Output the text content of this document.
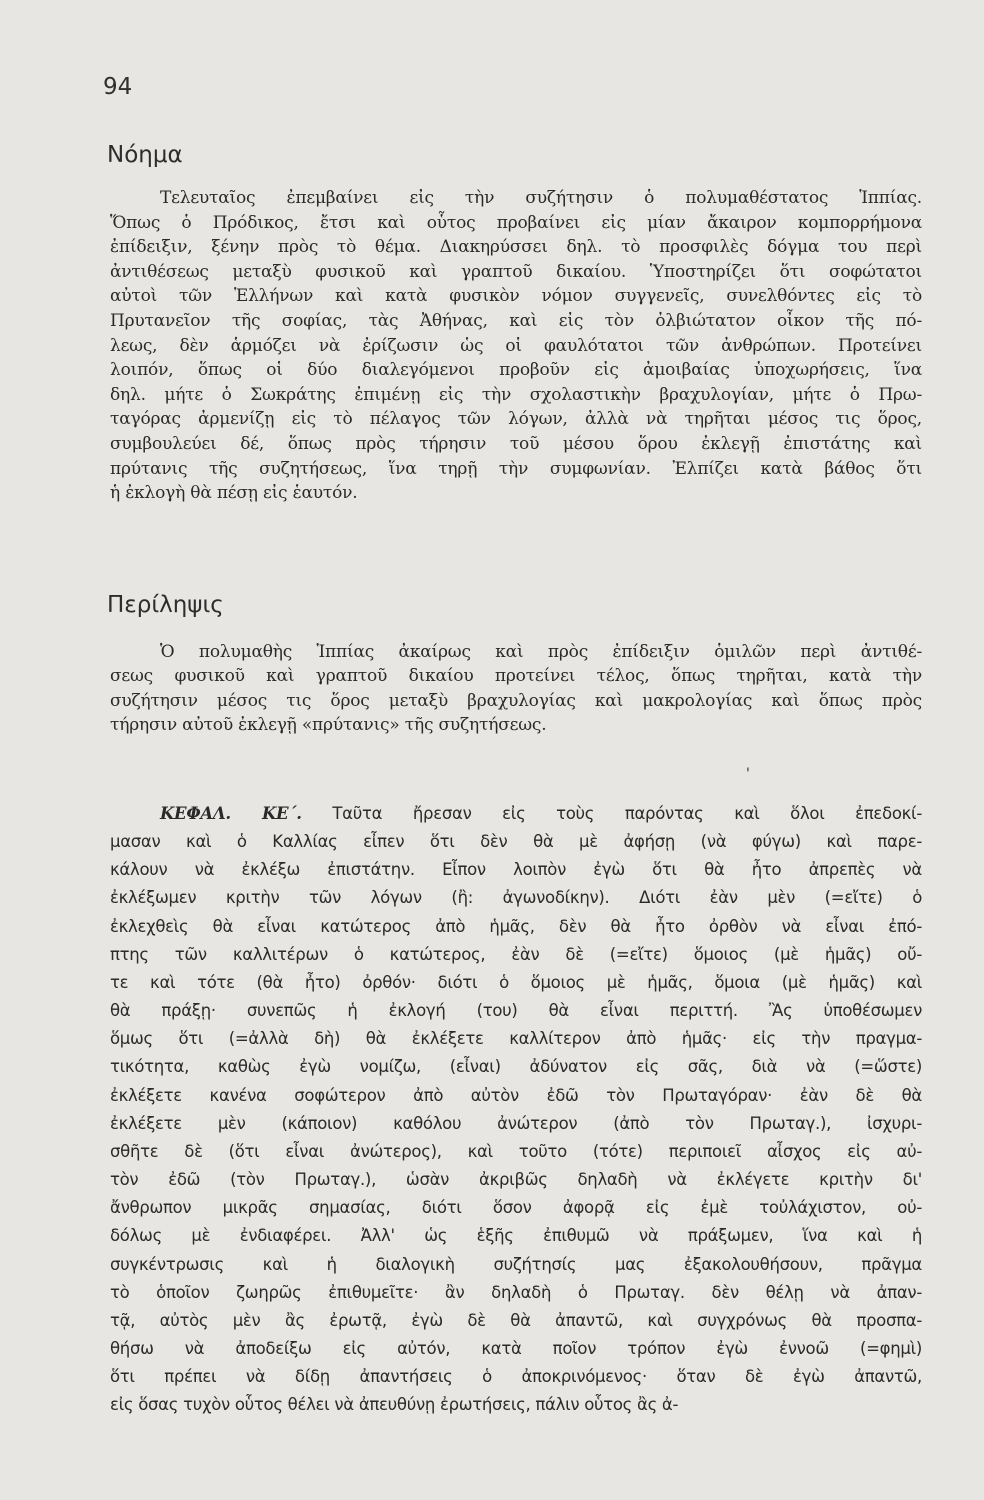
94
Νόημα
Τελευταῖος ἐπεμβαίνει εἰς τὴν συζήτησιν ὁ πολυμαθέστατος Ἱππίας.
Ὅπως ὁ Πρόδικος, ἔτσι καὶ οὗτος προβαίνει εἰς μίαν ἄκαιρον κομπορρήμονα
ἐπίδειξιν, ξένην πρὸς τὸ θέμα. Διακηρύσσει δηλ. τὸ προσφιλὲς δόγμα του περὶ
ἀντιθέσεως μεταξὺ φυσικοῦ καὶ γραπτοῦ δικαίου. Ὑποστηρίζει ὅτι σοφώτατοι
αὐτοὶ τῶν Ἑλλήνων καὶ κατὰ φυσικὸν νόμον συγγενεῖς, συνελθόντες εἰς τὸ
Πρυτανεῖον τῆς σοφίας, τὰς Ἀθήνας, καὶ εἰς τὸν ὀλβιώτατον οἶκον τῆς πό-
λεως, δὲν ἁρμόζει νὰ ἐρίζωσιν ὡς οἱ φαυλότατοι τῶν ἀνθρώπων. Προτείνει
λοιπόν, ὅπως οἱ δύο διαλεγόμενοι προβοῦν εἰς ἀμοιβαίας ὑποχωρήσεις, ἵνα
δηλ. μήτε ὁ Σωκράτης ἐπιμένῃ εἰς τὴν σχολαστικὴν βραχυλογίαν, μήτε ὁ Πρω-
ταγόρας ἀρμενίζῃ εἰς τὸ πέλαγος τῶν λόγων, ἀλλὰ νὰ τηρῆται μέσος τις ὅρος,
συμβουλεύει δέ, ὅπως πρὸς τήρησιν τοῦ μέσου ὅρου ἐκλεγῇ ἐπιστάτης καὶ
πρύτανις τῆς συζητήσεως, ἵνα τηρῇ τὴν συμφωνίαν. Ἐλπίζει κατὰ βάθος ὅτι
ἡ ἐκλογὴ θὰ πέσῃ εἰς ἑαυτόν.
Περίληψις
Ὁ πολυμαθὴς Ἱππίας ἀκαίρως καὶ πρὸς ἐπίδειξιν ὁμιλῶν περὶ ἀντιθέ-
σεως φυσικοῦ καὶ γραπτοῦ δικαίου προτείνει τέλος, ὅπως τηρῆται, κατὰ τὴν
συζήτησιν μέσος τις ὅρος μεταξὺ βραχυλογίας καὶ μακρολογίας καὶ ὅπως πρὸς
τήρησιν αὐτοῦ ἐκλεγῇ «πρύτανις» τῆς συζητήσεως.
'
ΚΕΦΑΛ. ΚΕ΄. Ταῦτα ἤρεσαν εἰς τοὺς παρόντας καὶ ὅλοι ἐπεδοκί-
μασαν καὶ ὁ Καλλίας εἶπεν ὅτι δὲν θὰ μὲ ἀφήσῃ (νὰ φύγω) καὶ παρε-
κάλουν νὰ ἐκλέξω ἐπιστάτην. Εἶπον λοιπὸν ἐγὼ ὅτι θὰ ἦτο ἀπρεπὲς νὰ
ἐκλέξωμεν κριτὴν τῶν λόγων (ἢ: ἀγωνοδίκην). Διότι ἐὰν μὲν (=εἴτε) ὁ
ἐκλεχθεὶς θὰ εἶναι κατώτερος ἀπὸ ἡμᾶς, δὲν θὰ ἦτο ὀρθὸν νὰ εἶναι ἐπό-
πτης τῶν καλλιτέρων ὁ κατώτερος, ἐὰν δὲ (=εἴτε) ὅμοιος (μὲ ἡμᾶς) οὔ-
τε καὶ τότε (θὰ ἦτο) ὀρθόν· διότι ὁ ὅμοιος μὲ ἡμᾶς, ὅμοια (μὲ ἡμᾶς) καὶ
θὰ πράξῃ· συνεπῶς ἡ ἐκλογή (του) θὰ εἶναι περιττή. Ἂς ὑποθέσωμεν
ὅμως ὅτι (=ἀλλὰ δὴ) θὰ ἐκλέξετε καλλίτερον ἀπὸ ἡμᾶς· εἰς τὴν πραγμα-
τικότητα, καθὼς ἐγὼ νομίζω, (εἶναι) ἀδύνατον εἰς σᾶς, διὰ νὰ (=ὥστε)
ἐκλέξετε κανένα σοφώτερον ἀπὸ αὐτὸν ἐδῶ τὸν Πρωταγόραν· ἐὰν δὲ θὰ
ἐκλέξετε μὲν (κάποιον) καθόλου ἀνώτερον (ἀπὸ τὸν Πρωταγ.), ἰσχυρι-
σθῆτε δὲ (ὅτι εἶναι ἀνώτερος), καὶ τοῦτο (τότε) περιποιεῖ αἶσχος εἰς αὐ-
τὸν ἐδῶ (τὸν Πρωταγ.), ὡσὰν ἀκριβῶς δηλαδὴ νὰ ἐκλέγετε κριτὴν δι'
ἄνθρωπον μικρᾶς σημασίας, διότι ὅσον ἀφορᾷ εἰς ἐμὲ τοὐλάχιστον, οὐ-
δόλως μὲ ἐνδιαφέρει. Ἀλλ' ὡς ἑξῆς ἐπιθυμῶ νὰ πράξωμεν, ἵνα καὶ ἡ
συγκέντρωσις καὶ ἡ διαλογικὴ συζήτησίς μας ἐξακολουθήσουν, πρᾶγμα
τὸ ὁποῖον ζωηρῶς ἐπιθυμεῖτε· ἂν δηλαδὴ ὁ Πρωταγ. δὲν θέλῃ νὰ ἀπαν-
τᾷ, αὐτὸς μὲν ἂς ἐρωτᾷ, ἐγὼ δὲ θὰ ἀπαντῶ, καὶ συγχρόνως θὰ προσπα-
θήσω νὰ ἀποδείξω εἰς αὐτόν, κατὰ ποῖον τρόπον ἐγὼ ἐννοῶ (=φημὶ)
ὅτι πρέπει νὰ δίδῃ ἀπαντήσεις ὁ ἀποκρινόμενος· ὅταν δὲ ἐγὼ ἀπαντῶ,
εἰς ὅσας τυχὸν οὗτος θέλει νὰ ἀπευθύνῃ ἐρωτήσεις, πάλιν οὗτος ἂς ἀ-
